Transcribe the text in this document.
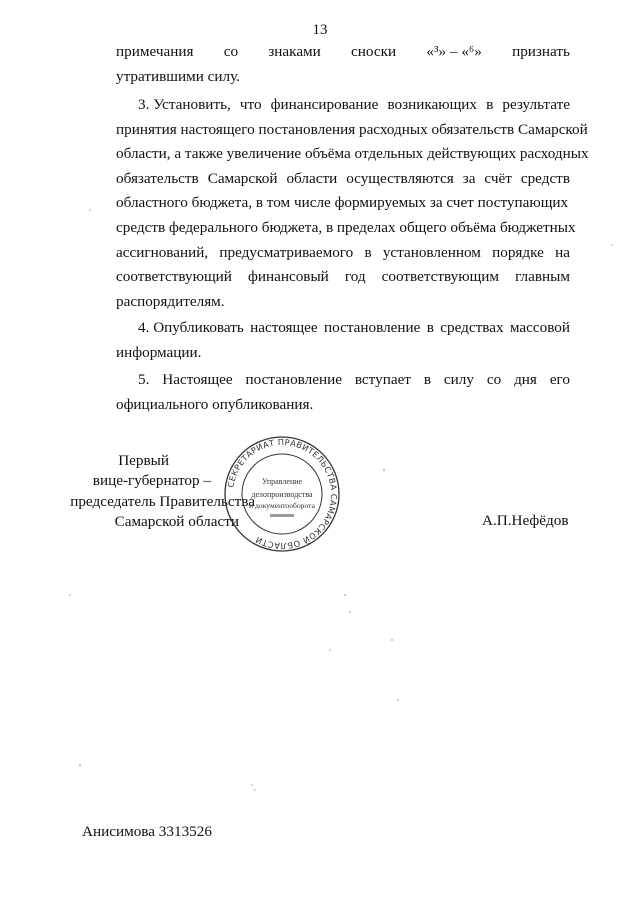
13
примечания со знаками сноски «³» – «⁶» признать
утратившими силу.
3. Установить, что финансирование возникающих в результате
принятия настоящего постановления расходных обязательств Самарской
области, а также увеличение объёма отдельных действующих расходных
обязательств Самарской области осуществляются за счёт средств
областного бюджета, в том числе формируемых за счет поступающих
средств федерального бюджета, в пределах общего объёма бюджетных
ассигнований, предусматриваемого в установленном порядке на
соответствующий финансовый год соответствующим главным
распорядителям.
4. Опубликовать настоящее постановление в средствах массовой
информации.
5. Настоящее постановление вступает в силу со дня его
официального опубликования.
Первый
вице-губернатор –
председатель Правительства
Самарской области	А.П.Нефёдов
СЕКРЕТАРИАТ ПРАВИТЕЛЬСТВА САМАРСКОЙ ОБЛАСТИ
Управление
делопроизводства
и документооборота
Анисимова 3313526
